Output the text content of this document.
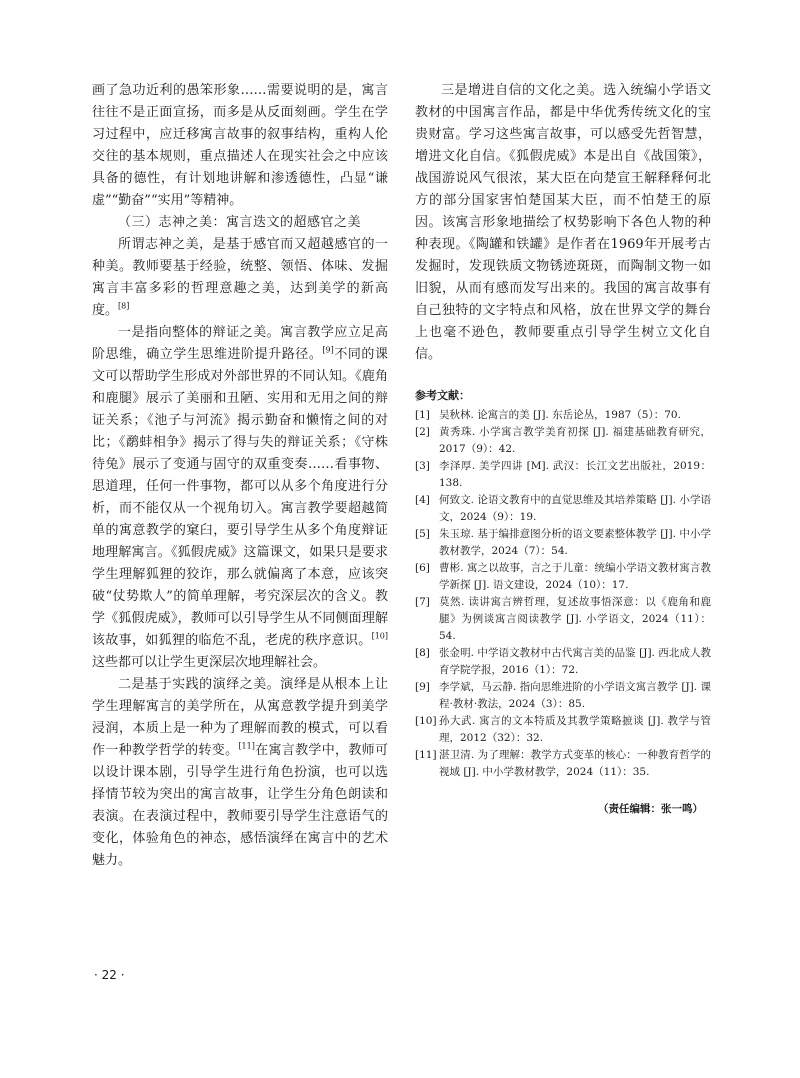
画了急功近利的愚笨形象……需要说明的是，寓言往往不是正面宣扬，而多是从反面刻画。学生在学习过程中，应迁移寓言故事的叙事结构，重构人伦交往的基本规则，重点描述人在现实社会之中应该具备的德性，有计划地讲解和渗透德性，凸显“谦虚”“勤奋”“实用”等精神。

（三）志神之美：寓言迭文的超感官之美

所谓志神之美，是基于感官而又超越感官的一种美。教师要基于经验，统整、领悟、体味、发掘寓言丰富多彩的哲理意趣之美，达到美学的新高度。[8]

一是指向整体的辩证之美。寓言教学应立足高阶思维，确立学生思维进阶提升路径。[9]不同的课文可以帮助学生形成对外部世界的不同认知。《鹿角和鹿腿》展示了美丽和丑陋、实用和无用之间的辩证关系；《池子与河流》揭示勤奋和懒惰之间的对比；《鹬蚌相争》揭示了得与失的辩证关系；《守株待兔》展示了变通与固守的双重变奏……看事物、思道理，任何一件事物，都可以从多个角度进行分析，而不能仅从一个视角切入。寓言教学要超越简单的寓意教学的窠臼，要引导学生从多个角度辩证地理解寓言。《狐假虎威》这篇课文，如果只是要求学生理解狐狸的狡诈，那么就偏离了本意，应该突破“仗势欺人”的简单理解，考究深层次的含义。教学《狐假虎威》，教师可以引导学生从不同侧面理解该故事，如狐狸的临危不乱，老虎的秩序意识。[10]这些都可以让学生更深层次地理解社会。

二是基于实践的演绎之美。演绎是从根本上让学生理解寓言的美学所在，从寓意教学提升到美学浸润，本质上是一种为了理解而教的模式，可以看作一种教学哲学的转变。[11]在寓言教学中，教师可以设计课本剧，引导学生进行角色扮演，也可以选择情节较为突出的寓言故事，让学生分角色朗读和表演。在表演过程中，教师要引导学生注意语气的变化，体验角色的神态，感悟演绎在寓言中的艺术魅力。

三是增进自信的文化之美。选入统编小学语文教材的中国寓言作品，都是中华优秀传统文化的宝贵财富。学习这些寓言故事，可以感受先哲智慧，增进文化自信。《狐假虎威》本是出自《战国策》，战国游说风气很浓，某大臣在向楚宣王解释释何北方的部分国家害怕楚国某大臣，而不怕楚王的原因。该寓言形象地描绘了权势影响下各色人物的种种表现。《陶罐和铁罐》是作者在1969年开展考古发掘时，发现铁质文物锈迹斑斑，而陶制文物一如旧貌，从而有感而发写出来的。我国的寓言故事有自己独特的文字特点和风格，放在世界文学的舞台上也毫不逊色，教师要重点引导学生树立文化自信。

参考文献：
[1] 吴秋林. 论寓言的美 [J]. 东岳论丛，1987（5）：70.
[2] 黄秀珠. 小学寓言教学美育初探 [J]. 福建基础教育研究，2017（9）：42.
[3] 李泽厚. 美学四讲 [M]. 武汉：长江文艺出版社，2019：138.
[4] 何致文. 论语文教育中的直觉思维及其培养策略 [J]. 小学语文，2024（9）：19.
[5] 朱玉琼. 基于编排意图分析的语文要素整体教学 [J]. 中小学教材教学，2024（7）：54.
[6] 曹彬. 寓之以故事，言之于儿童：统编小学语文教材寓言教学新探 [J]. 语文建设，2024（10）：17.
[7] 莫然. 读讲寓言辨哲理，复述故事悟深意：以《鹿角和鹿腿》为例谈寓言阅读教学 [J]. 小学语文，2024（11）：54.
[8] 张金明. 中学语文教材中古代寓言美的品鉴 [J]. 西北成人教育学院学报，2016（1）：72.
[9] 李学斌，马云静. 指向思维进阶的小学语文寓言教学 [J]. 课程·教材·教法，2024（3）：85.
[10] 孙大武. 寓言的文本特质及其教学策略摭谈 [J]. 教学与管理，2012（32）：32.
[11] 湛卫清. 为了理解：教学方式变革的核心：一种教育哲学的视域 [J]. 中小学教材教学，2024（11）：35.
（责任编辑：张一鸣）
· 22 ·
